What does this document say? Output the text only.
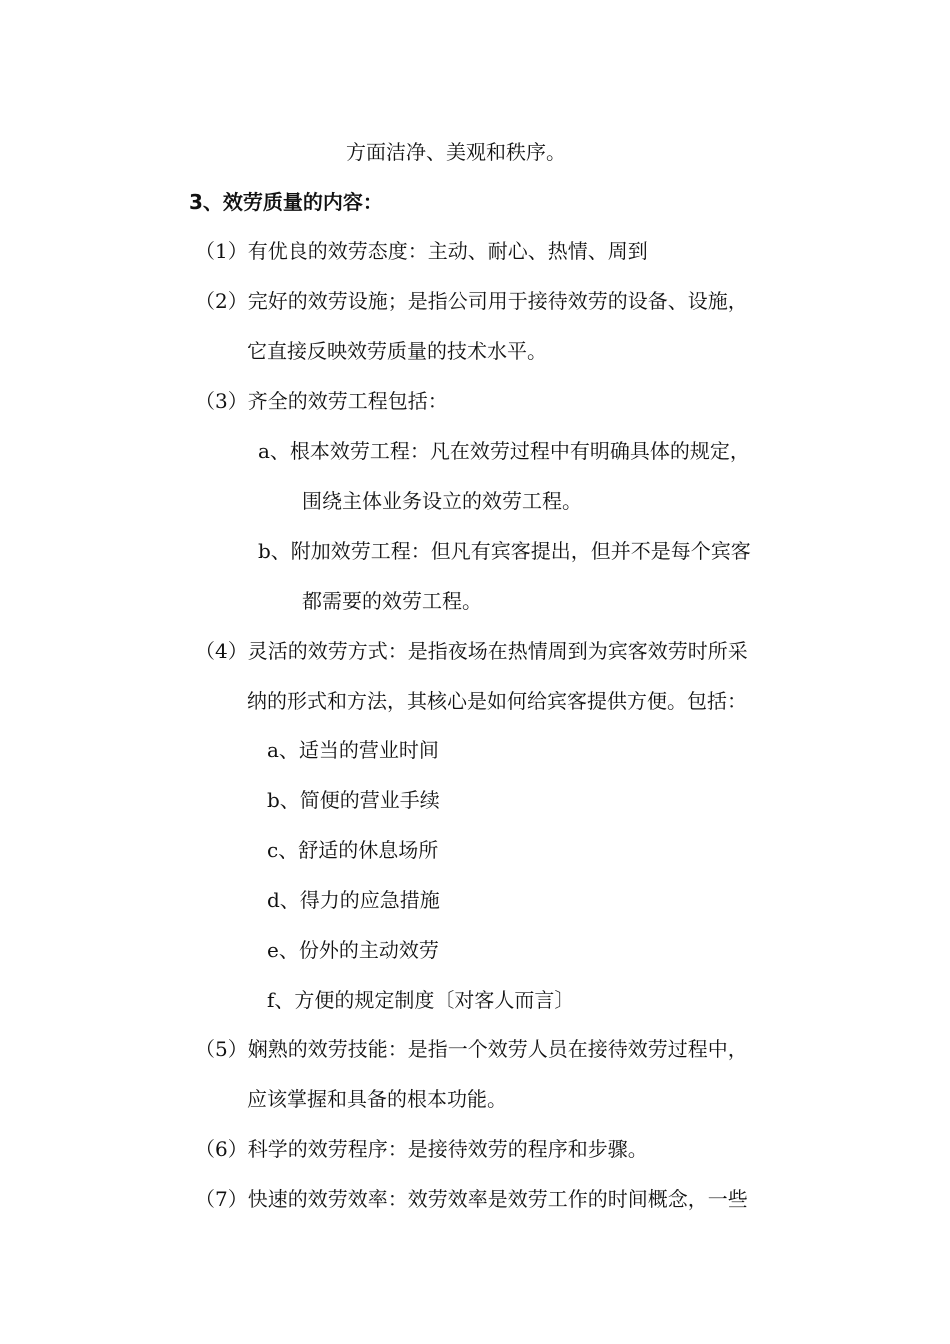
方面洁净、美观和秩序。
3、效劳质量的内容：
（1）有优良的效劳态度：主动、耐心、热情、周到
（2）完好的效劳设施；是指公司用于接待效劳的设备、设施，
它直接反映效劳质量的技术水平。
（3）齐全的效劳工程包括：
a、根本效劳工程：凡在效劳过程中有明确具体的规定，
围绕主体业务设立的效劳工程。
b、附加效劳工程：但凡有宾客提出，但并不是每个宾客
都需要的效劳工程。
（4）灵活的效劳方式：是指夜场在热情周到为宾客效劳时所采
纳的形式和方法，其核心是如何给宾客提供方便。包括：
a、适当的营业时间
b、简便的营业手续
c、舒适的休息场所
d、得力的应急措施
e、份外的主动效劳
f、方便的规定制度〔对客人而言〕
（5）娴熟的效劳技能：是指一个效劳人员在接待效劳过程中，
应该掌握和具备的根本功能。
（6）科学的效劳程序：是接待效劳的程序和步骤。
（7）快速的效劳效率：效劳效率是效劳工作的时间概念，一些
